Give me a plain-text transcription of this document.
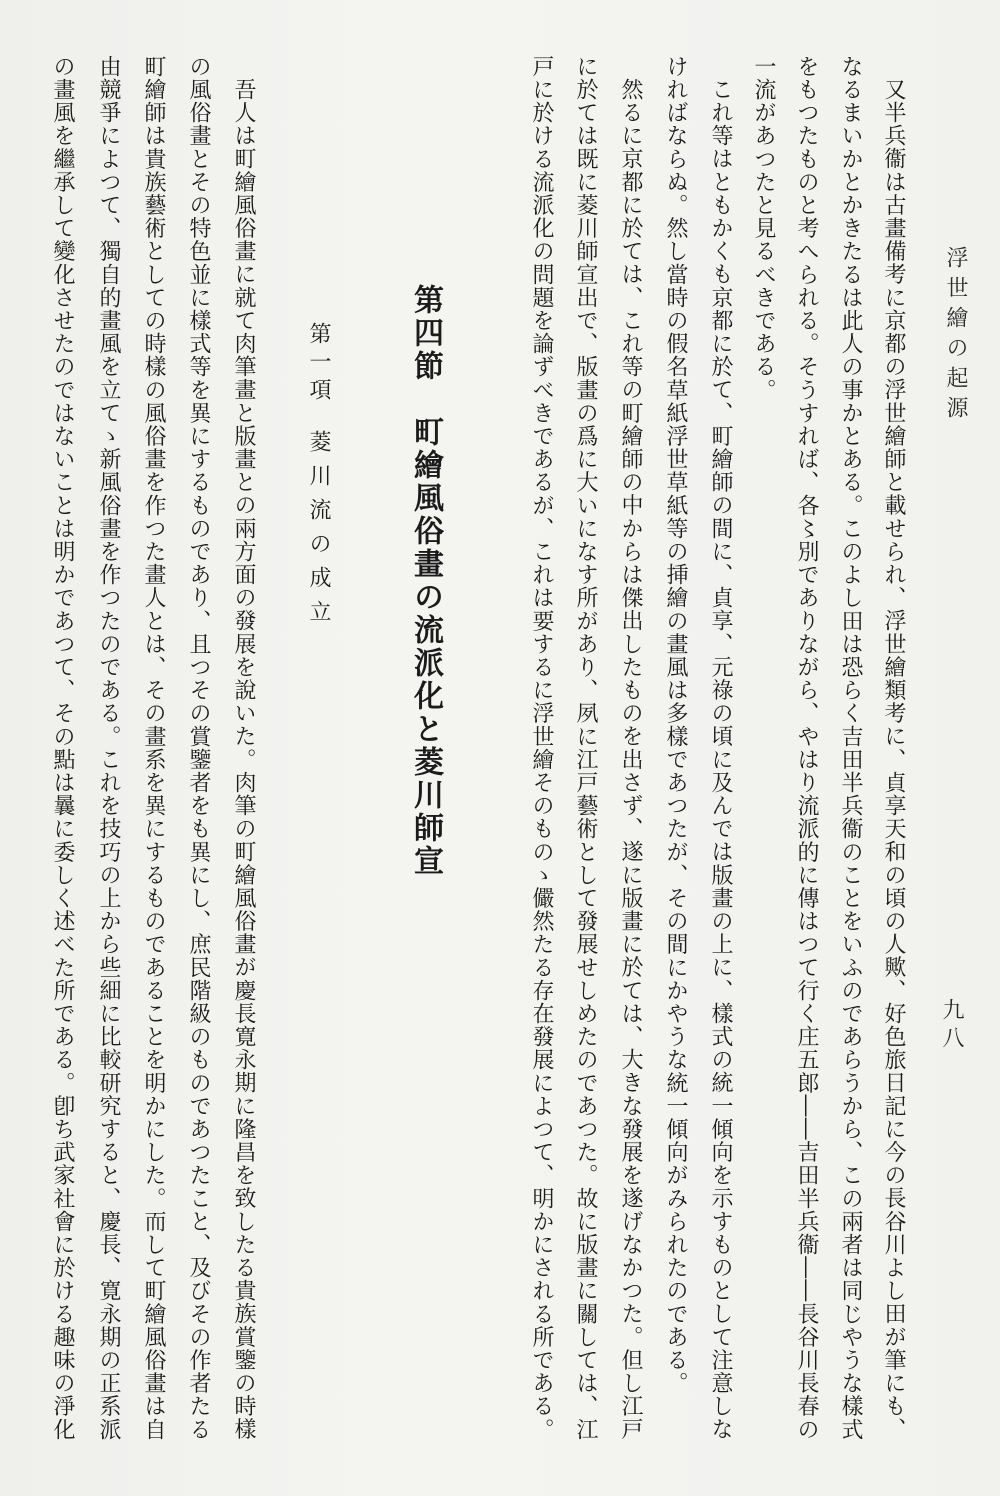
浮世繪の起源
九八
又半兵衞は古畫備考に京都の浮世繪師と載せられ、浮世繪類考に、貞享天和の頃の人歟、好色旅日記に今の長谷川よし田が筆にも、
なるまいかとかきたるは此人の事かとある。このよし田は恐らく吉田半兵衞のことをいふのであらうから、この兩者は同じやうな樣式
をもつたものと考へられる。そうすれば、各〻別でありながら、やはり流派的に傳はつて行く庄五郎――吉田半兵衞――長谷川長春の
一流があつたと見るべきである。
これ等はともかくも京都に於て、町繪師の間に、貞享、元祿の頃に及んでは版畫の上に、樣式の統一傾向を示すものとして注意しな
ければならぬ。然し當時の假名草紙浮世草紙等の挿繪の畫風は多樣であつたが、その間にかやうな統一傾向がみられたのである。
然るに京都に於ては、これ等の町繪師の中からは傑出したものを出さず、遂に版畫に於ては、大きな發展を遂げなかつた。但し江戸
に於ては既に菱川師宣出で、版畫の爲に大いになす所があり、夙に江戸藝術として發展せしめたのであつた。故に版畫に關しては、江
戸に於ける流派化の問題を論ずべきであるが、これは要するに浮世繪そのものゝ儼然たる存在發展によつて、明かにされる所である。
第四節
町繪風俗畫の流派化と菱川師宣
第一項
菱川流の成立
吾人は町繪風俗畫に就て肉筆畫と版畫との兩方面の發展を說いた。肉筆の町繪風俗畫が慶長寛永期に隆昌を致したる貴族賞鑒の時樣
の風俗畫とその特色並に樣式等を異にするものであり、且つその賞鑒者をも異にし、庶民階級のものであつたこと、及びその作者たる
町繪師は貴族藝術としての時樣の風俗畫を作つた畫人とは、その畫系を異にするものであることを明かにした。而して町繪風俗畫は自
由競爭によつて、獨自的畫風を立てゝ新風俗畫を作つたのである。これを技巧の上から些細に比較研究すると、慶長、寛永期の正系派
の畫風を繼承して變化させたのではないことは明かであつて、その點は曩に委しく述べた所である。卽ち武家社會に於ける趣味の淨化
